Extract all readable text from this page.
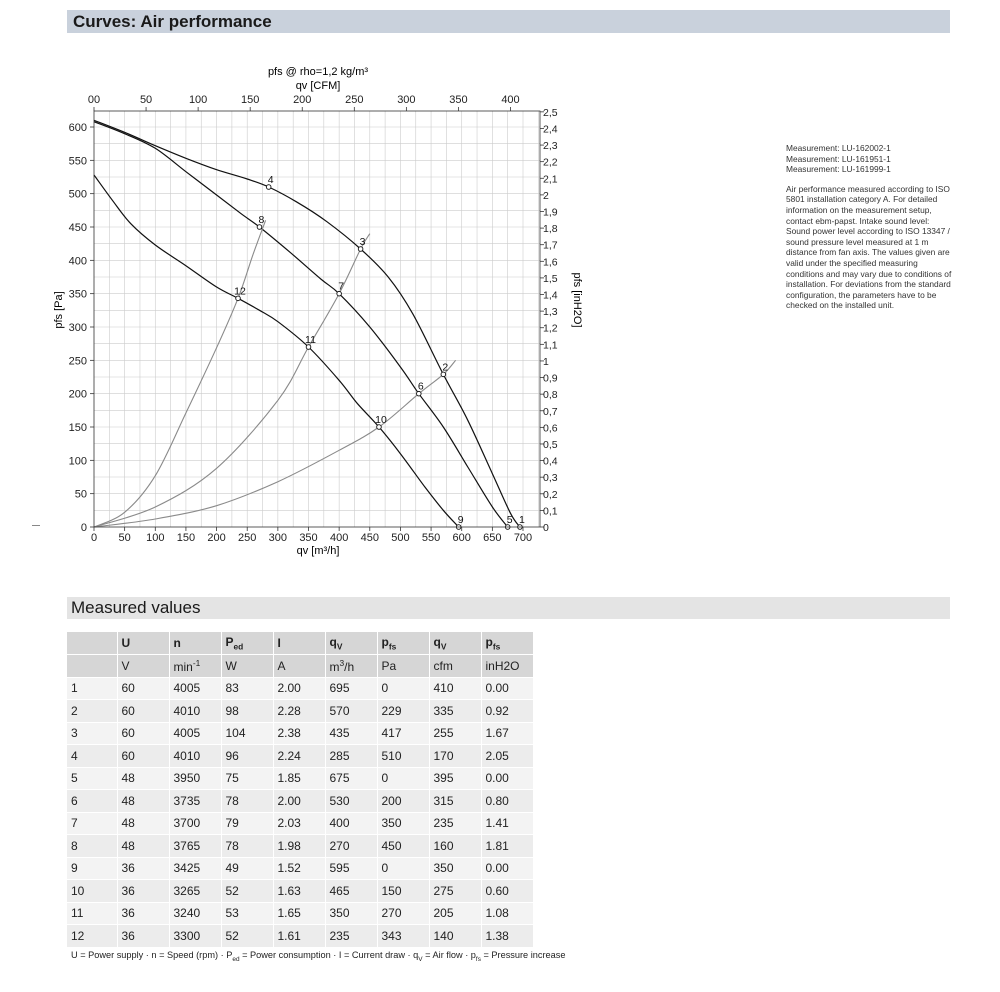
Curves: Air performance
1
2
3
4
5
6
7
8
9
10
11
12
0 50 100 150 200 250 300 350 400 450 500 550 600 650 700
0
50
100
150
200
250
300
350
400
450
500
550
600
00	50	100	150	200	250	300	350	400
0
0,1
0,2
0,3
0,4
0,5
0,6
0,7
0,8
0,9
1
1,1
1,2
1,3
1,4
1,5
1,6
1,7
1,8
1,9
2
2,1
2,2
2,3
2,4
2,5
pfs @ rho=1,2 kg/m³
qv [CFM]
qv [m³/h]
pfs [Pa]	pfs [inH2O]
Measurement: LU-162002-1
Measurement: LU-161951-1
Measurement: LU-161999-1

Air performance measured according to ISO 5801 installation category A. For detailed information on the measurement setup, contact ebm-papst. Intake sound level: Sound power level according to ISO 13347 / sound pressure level measured at 1 m distance from fan axis. The values given are valid under the specified measuring conditions and may vary due to conditions of installation. For deviations from the standard configuration, the parameters have to be checked on the installed unit.

Measured values
	U	n	$P_{ed}$	I	$q_V$	$p_{fs}$	$q_V$	$p_{fs}$
	V	$\min^{-1}$	W	A	$m^3/h$	Pa	cfm	inH2O
1	60	4005	83	2.00	695	0	410	0.00
2	60	4010	98	2.28	570	229	335	0.92
3	60	4005	104	2.38	435	417	255	1.67
4	60	4010	96	2.24	285	510	170	2.05
5	48	3950	75	1.85	675	0	395	0.00
6	48	3735	78	2.00	530	200	315	0.80
7	48	3700	79	2.03	400	350	235	1.41
8	48	3765	78	1.98	270	450	160	1.81
9	36	3425	49	1.52	595	0	350	0.00
10	36	3265	52	1.63	465	150	275	0.60
11	36	3240	53	1.65	350	270	205	1.08
12	36	3300	52	1.61	235	343	140	1.38
U = Power supply · n = Speed $(rpm) \cdot P_{ed}$ = Power consumption · I = Current draw · $q_V$ = Air flow · $p_{fs}$ = Pressure increase
